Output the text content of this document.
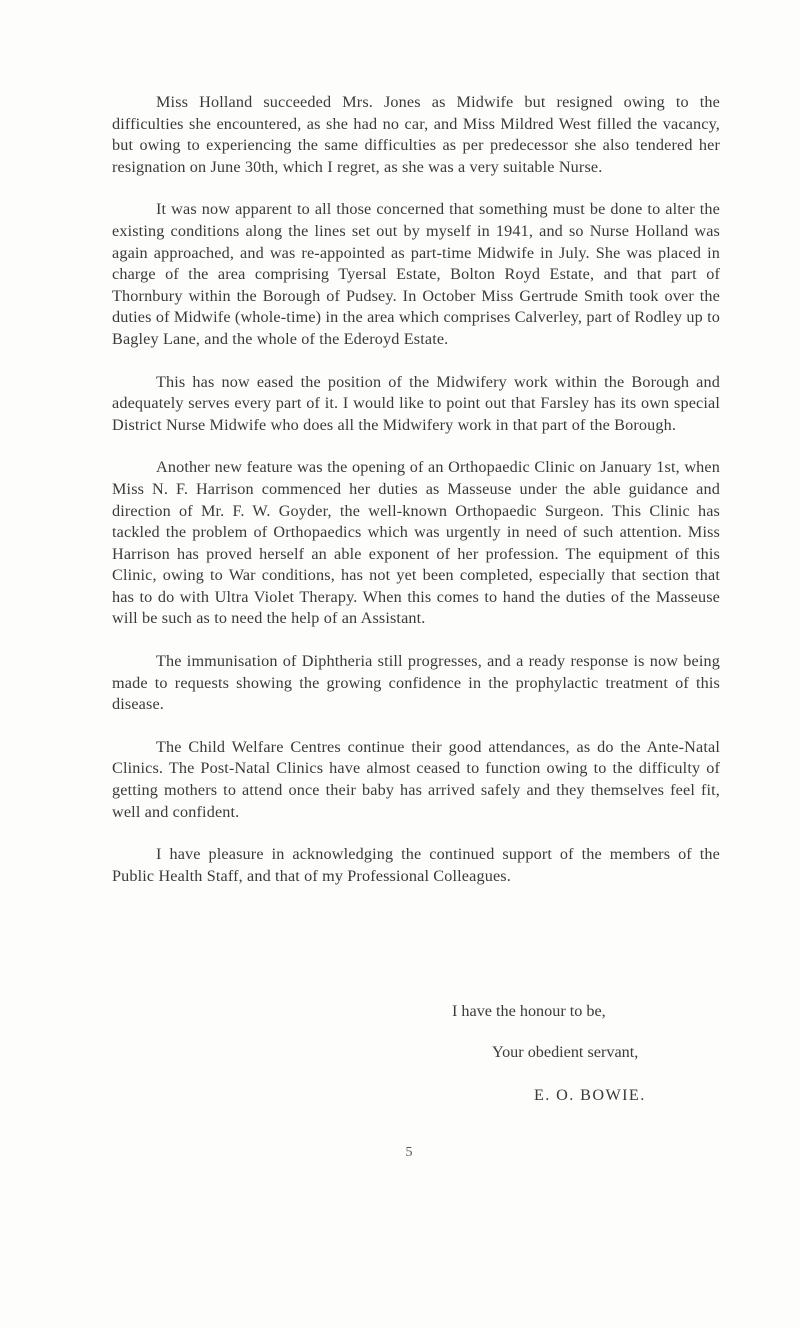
Miss Holland succeeded Mrs. Jones as Midwife but resigned owing to the difficulties she encountered, as she had no car, and Miss Mildred West filled the vacancy, but owing to experiencing the same difficulties as per predecessor she also tendered her resignation on June 30th, which I regret, as she was a very suitable Nurse.

It was now apparent to all those concerned that something must be done to alter the existing conditions along the lines set out by myself in 1941, and so Nurse Holland was again approached, and was re-appointed as part-time Midwife in July. She was placed in charge of the area comprising Tyersal Estate, Bolton Royd Estate, and that part of Thornbury within the Borough of Pudsey. In October Miss Gertrude Smith took over the duties of Midwife (whole-time) in the area which comprises Calverley, part of Rodley up to Bagley Lane, and the whole of the Ederoyd Estate.

This has now eased the position of the Midwifery work within the Borough and adequately serves every part of it. I would like to point out that Farsley has its own special District Nurse Midwife who does all the Midwifery work in that part of the Borough.

Another new feature was the opening of an Orthopaedic Clinic on January 1st, when Miss N. F. Harrison commenced her duties as Masseuse under the able guidance and direction of Mr. F. W. Goyder, the well-known Orthopaedic Surgeon. This Clinic has tackled the problem of Orthopaedics which was urgently in need of such attention. Miss Harrison has proved herself an able exponent of her profession. The equipment of this Clinic, owing to War conditions, has not yet been completed, especially that section that has to do with Ultra Violet Therapy. When this comes to hand the duties of the Masseuse will be such as to need the help of an Assistant.

The immunisation of Diphtheria still progresses, and a ready response is now being made to requests showing the growing confidence in the prophylactic treatment of this disease.

The Child Welfare Centres continue their good attendances, as do the Ante-Natal Clinics. The Post-Natal Clinics have almost ceased to function owing to the difficulty of getting mothers to attend once their baby has arrived safely and they themselves feel fit, well and confident.

I have pleasure in acknowledging the continued support of the members of the Public Health Staff, and that of my Professional Colleagues.

I have the honour to be,
Your obedient servant,
E. O. BOWIE.
5
